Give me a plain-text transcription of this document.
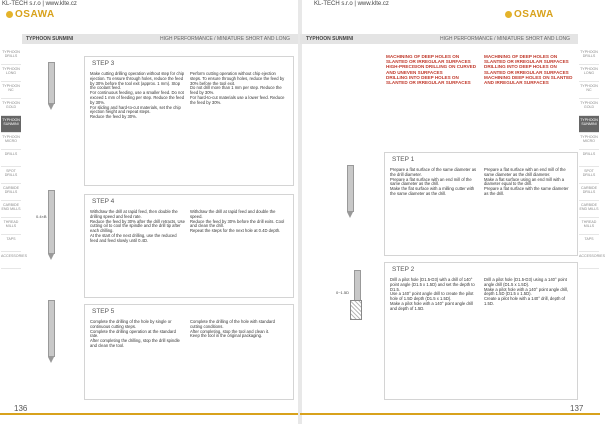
KL-TECH s.r.o | www.klte.cz
OSAWA
TYPHOON SUNMINI	HIGH PERFORMANCE / MINIATURE SHORT AND LONG
TYPHOON DRILLS
TYPHOON LONG
TYPHOON NC
TYPHOON GOLD
TYPHOON SUNMINI
TYPHOON MICRO
DRILLS
SPOT DRILLS
CARBIDE DRILLS
CARBIDE END MILLS
THREAD MILLS
TAPS
ACCESSORIES
0.4×B
STEP 3
Make cutting drilling operation without step for chip ejection. To ensure through holes, reduce the feed by 30% before the tool exit (approx. 1 mm). Stop the coolant feed.
For continuous feeding, use a smaller feed. Do not exceed 1 mm of feeding per step. Reduce the feed by 30%.
For sliding and hard-to-cut materials, set the chip ejection height and repeat steps.
Reduce the feed by 30%.
Perform cutting operation without chip ejection steps. To ensure through holes, reduce the feed by 30% before the tool exit.
Do not drill more than 1 mm per step. Reduce the feed by 30%.
For hard-to-cut materials use a lower feed. Reduce the feed by 30%.
STEP 4
Withdraw the drill at rapid feed, then double the drilling speed and feed rate.
Reduce the feed by 30% after the drill retracts. Use cutting oil to cool the spindle and the drill tip after each drilling.
At the start of the next drilling, use the reduced feed and feed slowly until 0.4D.
Withdraw the drill at rapid feed and double the speed.
Reduce the feed by 30% before the drill exits. Cool and clean the drill.
Repeat the steps for the next hole at 0.4D depth.
STEP 5
Complete the drilling of the hole by single or continuous cutting steps.
Complete the drilling operation at the standard rate.
After completing the drilling, stop the drill spindle and clean the tool.
Complete the drilling of the hole with standard cutting conditions.
After completing, stop the tool and clean it.
Keep the tool in the original packaging.
136
KL-TECH s.r.o | www.klte.cz
OSAWA
TYPHOON SUNMINI	HIGH PERFORMANCE / MINIATURE SHORT AND LONG
TYPHOON DRILLS
TYPHOON LONG
TYPHOON NC
TYPHOON GOLD
TYPHOON SUNMINI
TYPHOON MICRO
DRILLS
SPOT DRILLS
CARBIDE DRILLS
CARBIDE END MILLS
THREAD MILLS
TAPS
ACCESSORIES
MACHINING OF DEEP HOLES ON SLANTED OR IRREGULAR SURFACES
HIGH-PRECISION DRILLING ON CURVED AND UNEVEN SURFACES
DRILLING INTO DEEP HOLES ON SLANTED OR IRREGULAR SURFACES
MACHINING OF DEEP HOLES ON SLANTED OR IRREGULAR SURFACES
DRILLING INTO DEEP HOLES ON SLANTED OR IRREGULAR SURFACES
MACHINING DEEP HOLES ON SLANTED AND IRREGULAR SURFACES
0~1.5D
STEP 1
Prepare a flat surface of the same diameter as the drill diameter.
Prepare a flat surface with an end mill of the same diameter as the drill.
Make the flat surface with a milling cutter with the same diameter as the drill.
Prepare a flat surface with an end mill of the same diameter as the drill diameter.
Make a flat surface using an end mill with a diameter equal to the drill.
Prepare a flat surface with the same diameter as the drill.
STEP 2
Drill a pilot hole (D1.5-D3) with a drill of 140° point angle (D1.5 x 1.5D) and set the depth to D1.5.
Use a 140° point angle drill to create the pilot hole of 1.5D depth (D1.5 x 1.5D).
Make a pilot hole with a 140° point angle drill and depth of 1.5D.
Drill a pilot hole (D1.5-D3) using a 140° point angle drill (D1.5 x 1.5D).
Make a pilot hole with a 140° point angle drill, depth 1.5D (D1.5 x 1.5D).
Create a pilot hole with a 140° drill, depth of 1.5D.
137
